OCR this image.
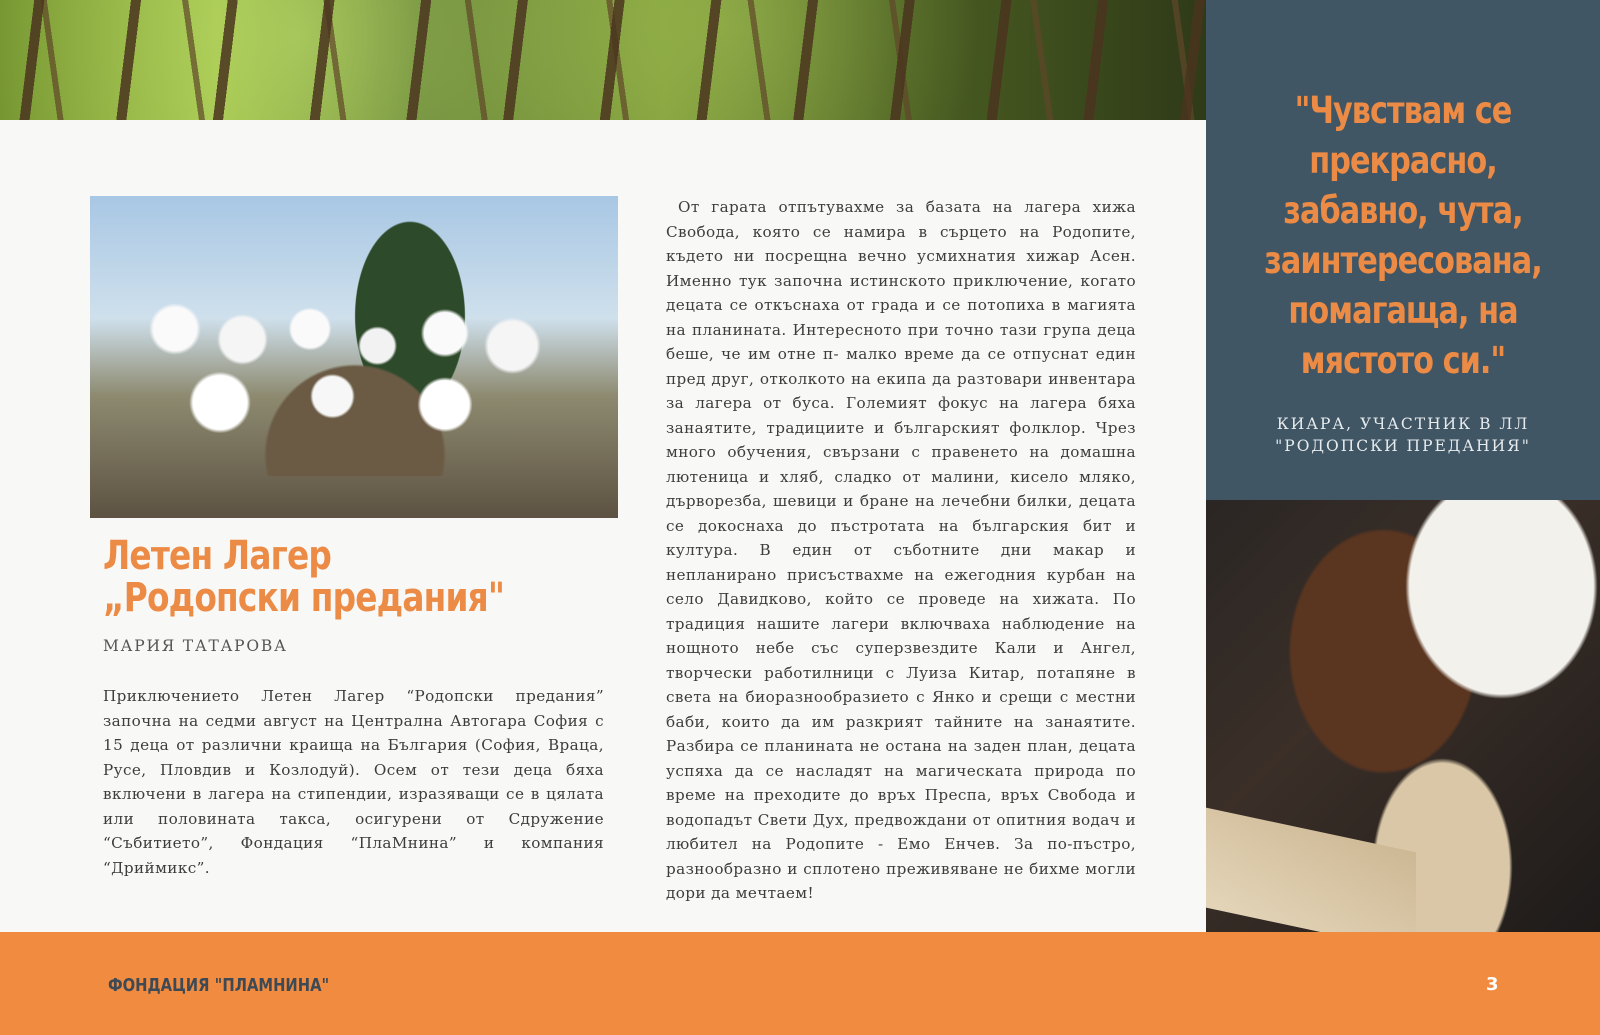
"Чувствам се прекрасно, забавно, чута, заинтересована, помагаща, на мястото си."
КИАРА, УЧАСТНИК В ЛЛ
"РОДОПСКИ ПРЕДАНИЯ"
Летен Лагер
„Родопски предания"
МАРИЯ ТАТАРОВА

Приключението Летен Лагер “Родопски предания” започна на седми август на Централна Автогара София с 15 деца от различни краища на България (София, Враца, Русе, Пловдив и Козлодуй). Осем от тези деца бяха включени в лагера на стипендии, изразяващи се в цялата или половината такса, осигурени от Сдружение “Събитието”, Фондация “ПлаМнина” и компания “Дриймикс”.

От гарата отпътувахме за базата на лагера хижа Свобода, която се намира в сърцето на Родопите, където ни посрещна вечно усмихнатия хижар Асен. Именно тук започна истинското приключение, когато децата се откъснаха от града и се потопиха в магията на планината. Интересното при точно тази група деца беше, че им отне п- малко време да се отпуснат един пред друг, отколкото на екипа да разтовари инвентара за лагера от буса. Големият фокус на лагера бяха занаятите, традициите и българският фолклор. Чрез много обучения, свързани с правенето на домашна лютеница и хляб, сладко от малини, кисело мляко, дърворезба, шевици и бране на лечебни билки, децата се докоснаха до пъстротата на българския бит и култура. В един от съботните дни макар и непланирано присъствахме на ежегодния курбан на село Давидково, който се проведе на хижата. По традиция нашите лагери включваха наблюдение на нощното небе със суперзвездите Кали и Ангел, творчески работилници с Луиза Китар, потапяне в света на биоразнообразието с Янко и срещи с местни баби, които да им разкрият тайните на занаятите. Разбира се планината не остана на заден план, децата успяха да се насладят на магическата природа по време на преходите до връх Преспа, връх Свобода и водопадът Свети Дух, предвождани от опитния водач и любител на Родопите - Емо Енчев. За по-пъстро, разнообразно и сплотено преживяване не бихме могли дори да мечтаем!

ФОНДАЦИЯ "ПЛАМНИНА"	3
